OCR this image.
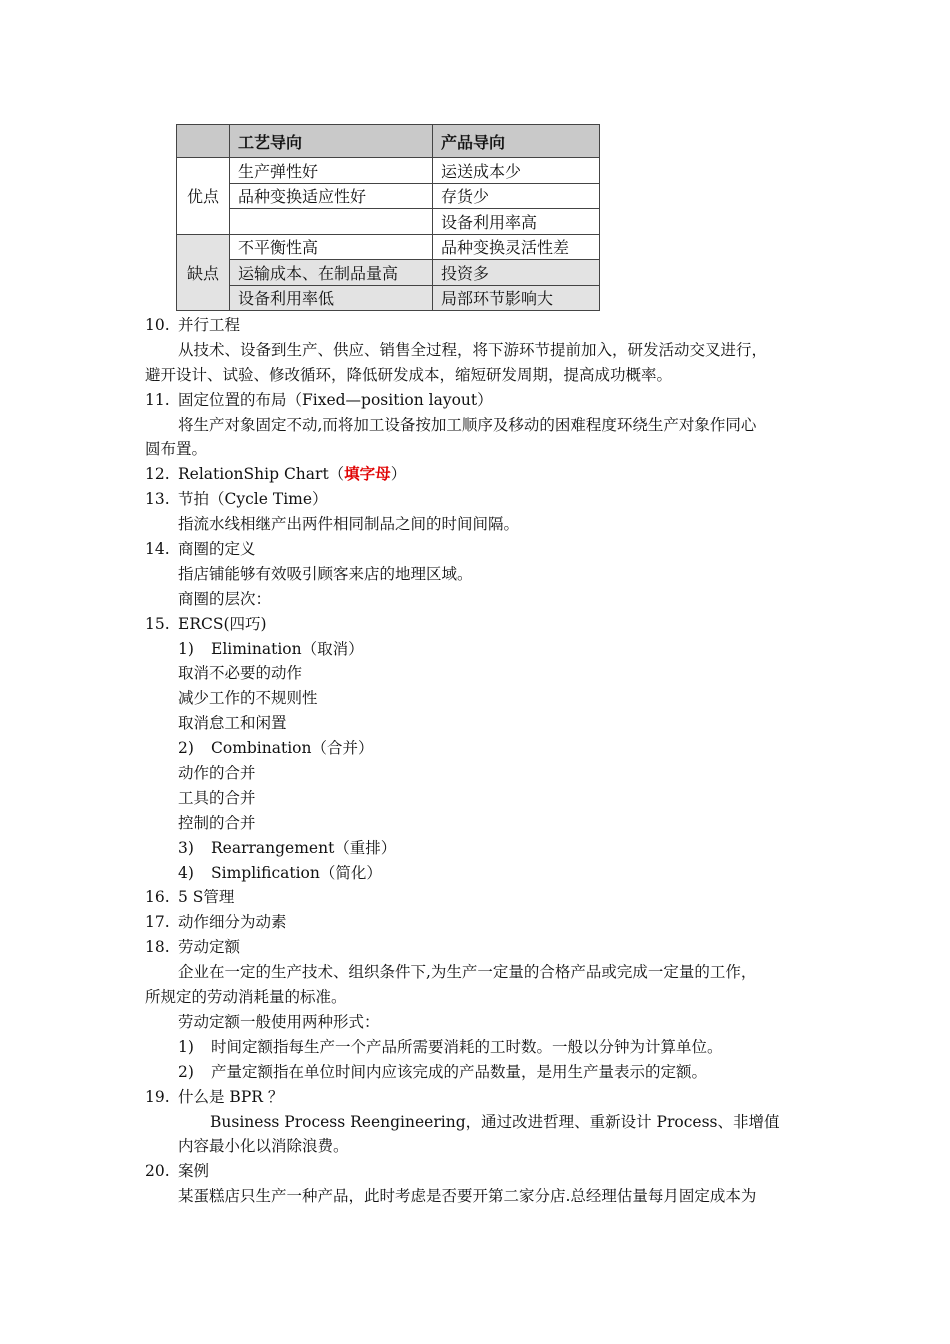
	工艺导向	产品导向
优点	生产弹性好	运送成本少
	品种变换适应性好	存货少
		设备利用率高
缺点	不平衡性高	品种变换灵活性差
	运输成本、在制品量高	投资多
	设备利用率低	局部环节影响大
10. 并行工程
从技术、设备到生产、供应、销售全过程，将下游环节提前加入，研发活动交叉进行，
避开设计、试验、修改循环，降低研发成本，缩短研发周期，提高成功概率。
11. 固定位置的布局（Fixed—position layout）
将生产对象固定不动,而将加工设备按加工顺序及移动的困难程度环绕生产对象作同心
圆布置。
12. RelationShip Chart（填字母）
13. 节拍（Cycle Time）
指流水线相继产出两件相同制品之间的时间间隔。
14. 商圈的定义
指店铺能够有效吸引顾客来店的地理区域。
商圈的层次：
15. ERCS(四巧)
1) Elimination（取消）
取消不必要的动作
减少工作的不规则性
取消怠工和闲置
2) Combination（合并）
动作的合并
工具的合并
控制的合并
3) Rearrangement（重排）
4) Simplification（简化）
16. 5 S管理
17. 动作细分为动素
18. 劳动定额
企业在一定的生产技术、组织条件下,为生产一定量的合格产品或完成一定量的工作，
所规定的劳动消耗量的标准。
劳动定额一般使用两种形式：
1) 时间定额指每生产一个产品所需要消耗的工时数。一般以分钟为计算单位。
2) 产量定额指在单位时间内应该完成的产品数量，是用生产量表示的定额。
19. 什么是 BPR ？
Business Process Reengineering，通过改进哲理、重新设计 Process、非增值
内容最小化以消除浪费。
20. 案例
某蛋糕店只生产一种产品，此时考虑是否要开第二家分店.总经理估量每月固定成本为
